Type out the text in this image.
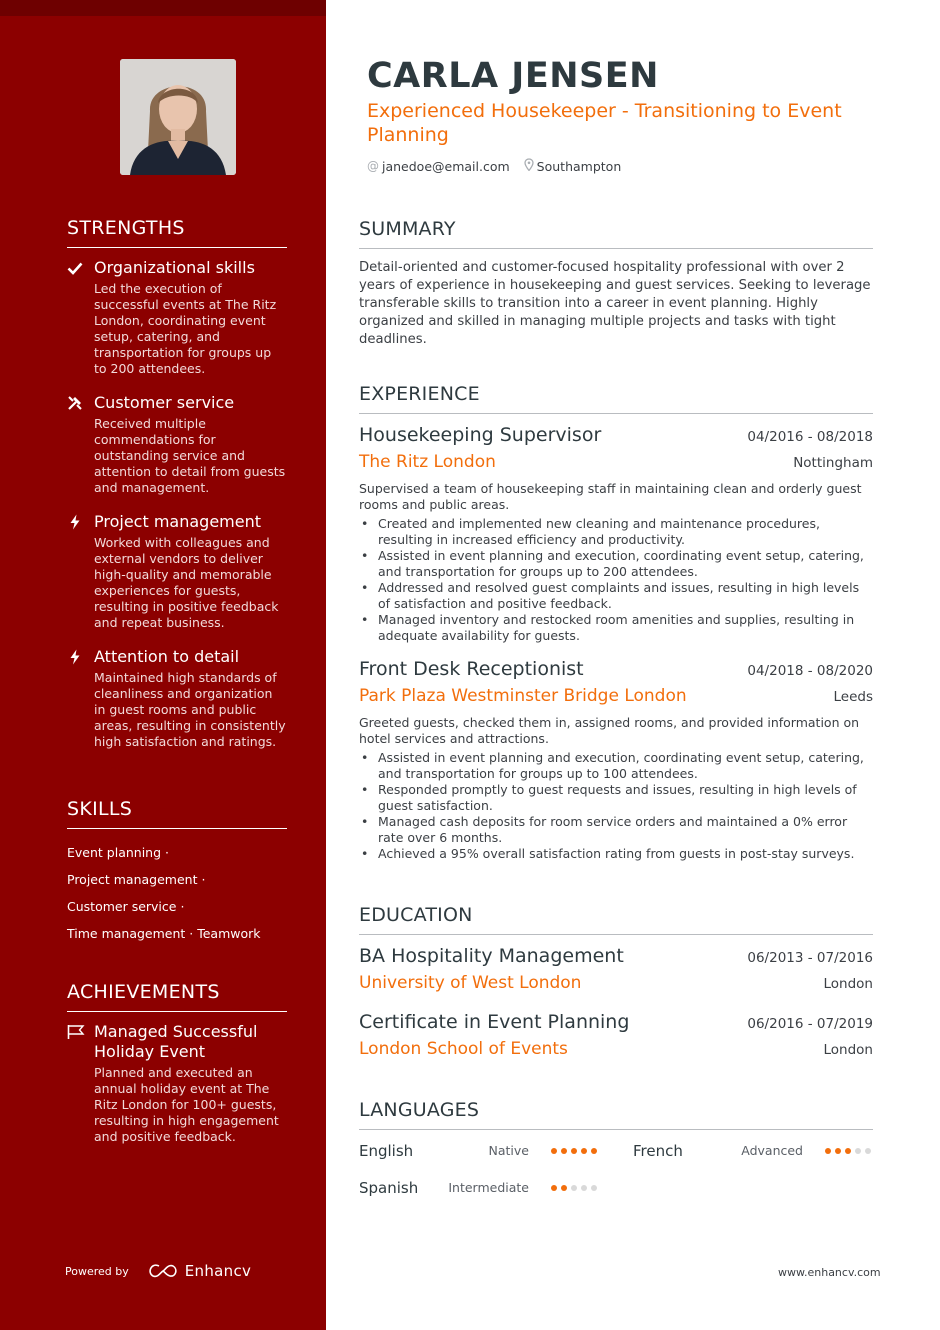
STRENGTHS
Organizational skills
Led the execution of successful events at The Ritz London, coordinating event setup, catering, and transportation for groups up to 200 attendees.
Customer service
Received multiple commendations for outstanding service and attention to detail from guests and management.
Project management
Worked with colleagues and external vendors to deliver high-quality and memorable experiences for guests, resulting in positive feedback and repeat business.
Attention to detail
Maintained high standards of cleanliness and organization in guest rooms and public areas, resulting in consistently high satisfaction and ratings.
SKILLS
Event planning ·
Project management ·
Customer service ·
Time management · Teamwork
ACHIEVEMENTS
Managed Successful Holiday Event
Planned and executed an annual holiday event at The Ritz London for 100+ guests, resulting in high engagement and positive feedback.
Powered by	Enhancv
CARLA JENSEN
Experienced Housekeeper - Transitioning to Event Planning
@ janedoe@email.com Southampton
SUMMARY
Detail-oriented and customer-focused hospitality professional with over 2 years of experience in housekeeping and guest services. Seeking to leverage transferable skills to transition into a career in event planning. Highly organized and skilled in managing multiple projects and tasks with tight deadlines.
EXPERIENCE
Housekeeping Supervisor	04/2016 - 08/2018
The Ritz London	Nottingham
Supervised a team of housekeeping staff in maintaining clean and orderly guest rooms and public areas.
• Created and implemented new cleaning and maintenance procedures, resulting in increased efficiency and productivity.
• Assisted in event planning and execution, coordinating event setup, catering, and transportation for groups up to 200 attendees.
• Addressed and resolved guest complaints and issues, resulting in high levels of satisfaction and positive feedback.
• Managed inventory and restocked room amenities and supplies, resulting in adequate availability for guests.
Front Desk Receptionist	04/2018 - 08/2020
Park Plaza Westminster Bridge London	Leeds
Greeted guests, checked them in, assigned rooms, and provided information on hotel services and attractions.
• Assisted in event planning and execution, coordinating event setup, catering, and transportation for groups up to 100 attendees.
• Responded promptly to guest requests and issues, resulting in high levels of guest satisfaction.
• Managed cash deposits for room service orders and maintained a 0% error rate over 6 months.
• Achieved a 95% overall satisfaction rating from guests in post-stay surveys.
EDUCATION
BA Hospitality Management	06/2013 - 07/2016
University of West London	London
Certificate in Event Planning	06/2016 - 07/2019
London School of Events	London
LANGUAGES
English	Native	French	Advanced
Spanish	Intermediate
www.enhancv.com
